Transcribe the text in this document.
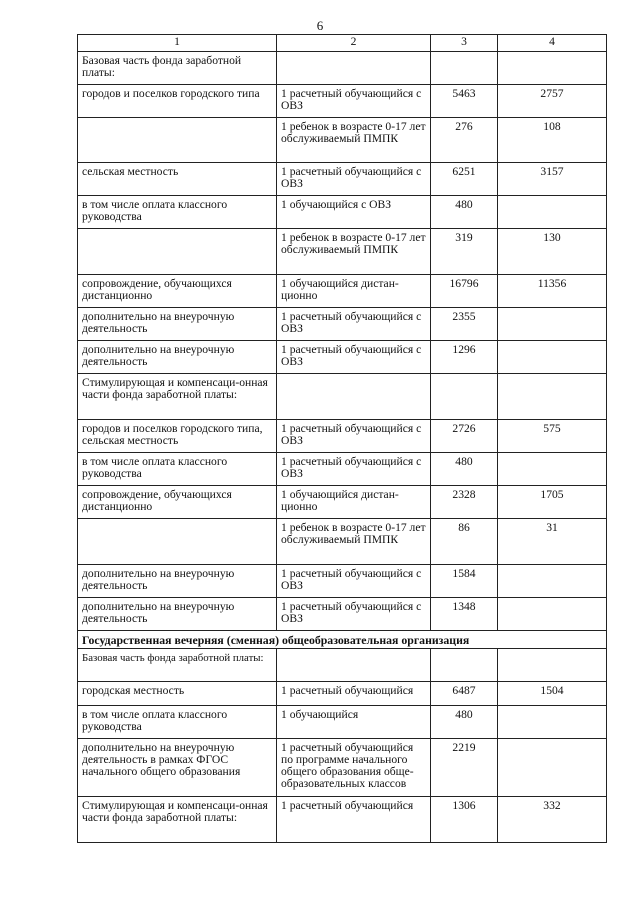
6
1	2	3	4
Базовая часть фонда заработной платы:			
городов и поселков городского типа	1 расчетный обучающийся с ОВЗ	5463	2757
	1 ребенок в возрасте 0-17 лет обслуживаемый ПМПК	276	108
сельская местность	1 расчетный обучающийся с ОВЗ	6251	3157
в том числе оплата классного руководства	1 обучающийся с ОВЗ	480	
	1 ребенок в возрасте 0-17 лет обслуживаемый ПМПК	319	130
сопровождение, обучающихся дистанционно	1 обучающийся дистан-ционно	16796	11356
дополнительно на внеурочную деятельность	1 расчетный обучающийся с ОВЗ	2355	
дополнительно на внеурочную деятельность	1 расчетный обучающийся с ОВЗ	1296	
Стимулирующая и компенсаци-онная части фонда заработной платы:			
городов и поселков городского типа, сельская местность	1 расчетный обучающийся с ОВЗ	2726	575
в том числе оплата классного руководства	1 расчетный обучающийся с ОВЗ	480	
сопровождение, обучающихся дистанционно	1 обучающийся дистан-ционно	2328	1705
	1 ребенок в возрасте 0-17 лет обслуживаемый ПМПК	86	31
дополнительно на внеурочную деятельность	1 расчетный обучающийся с ОВЗ	1584	
дополнительно на внеурочную деятельность	1 расчетный обучающийся с ОВЗ	1348	
Государственная вечерняя (сменная) общеобразовательная организация			
Базовая часть фонда заработной платы:			
городская местность	1 расчетный обучающийся	6487	1504
в том числе оплата классного руководства	1 обучающийся	480	
дополнительно на внеурочную деятельность в рамках ФГОС начального общего образования	1 расчетный обучающийся по программе начального общего образования обще-образовательных классов	2219	
Стимулирующая и компенсаци-онная части фонда заработной платы:	1 расчетный обучающийся	1306	332
